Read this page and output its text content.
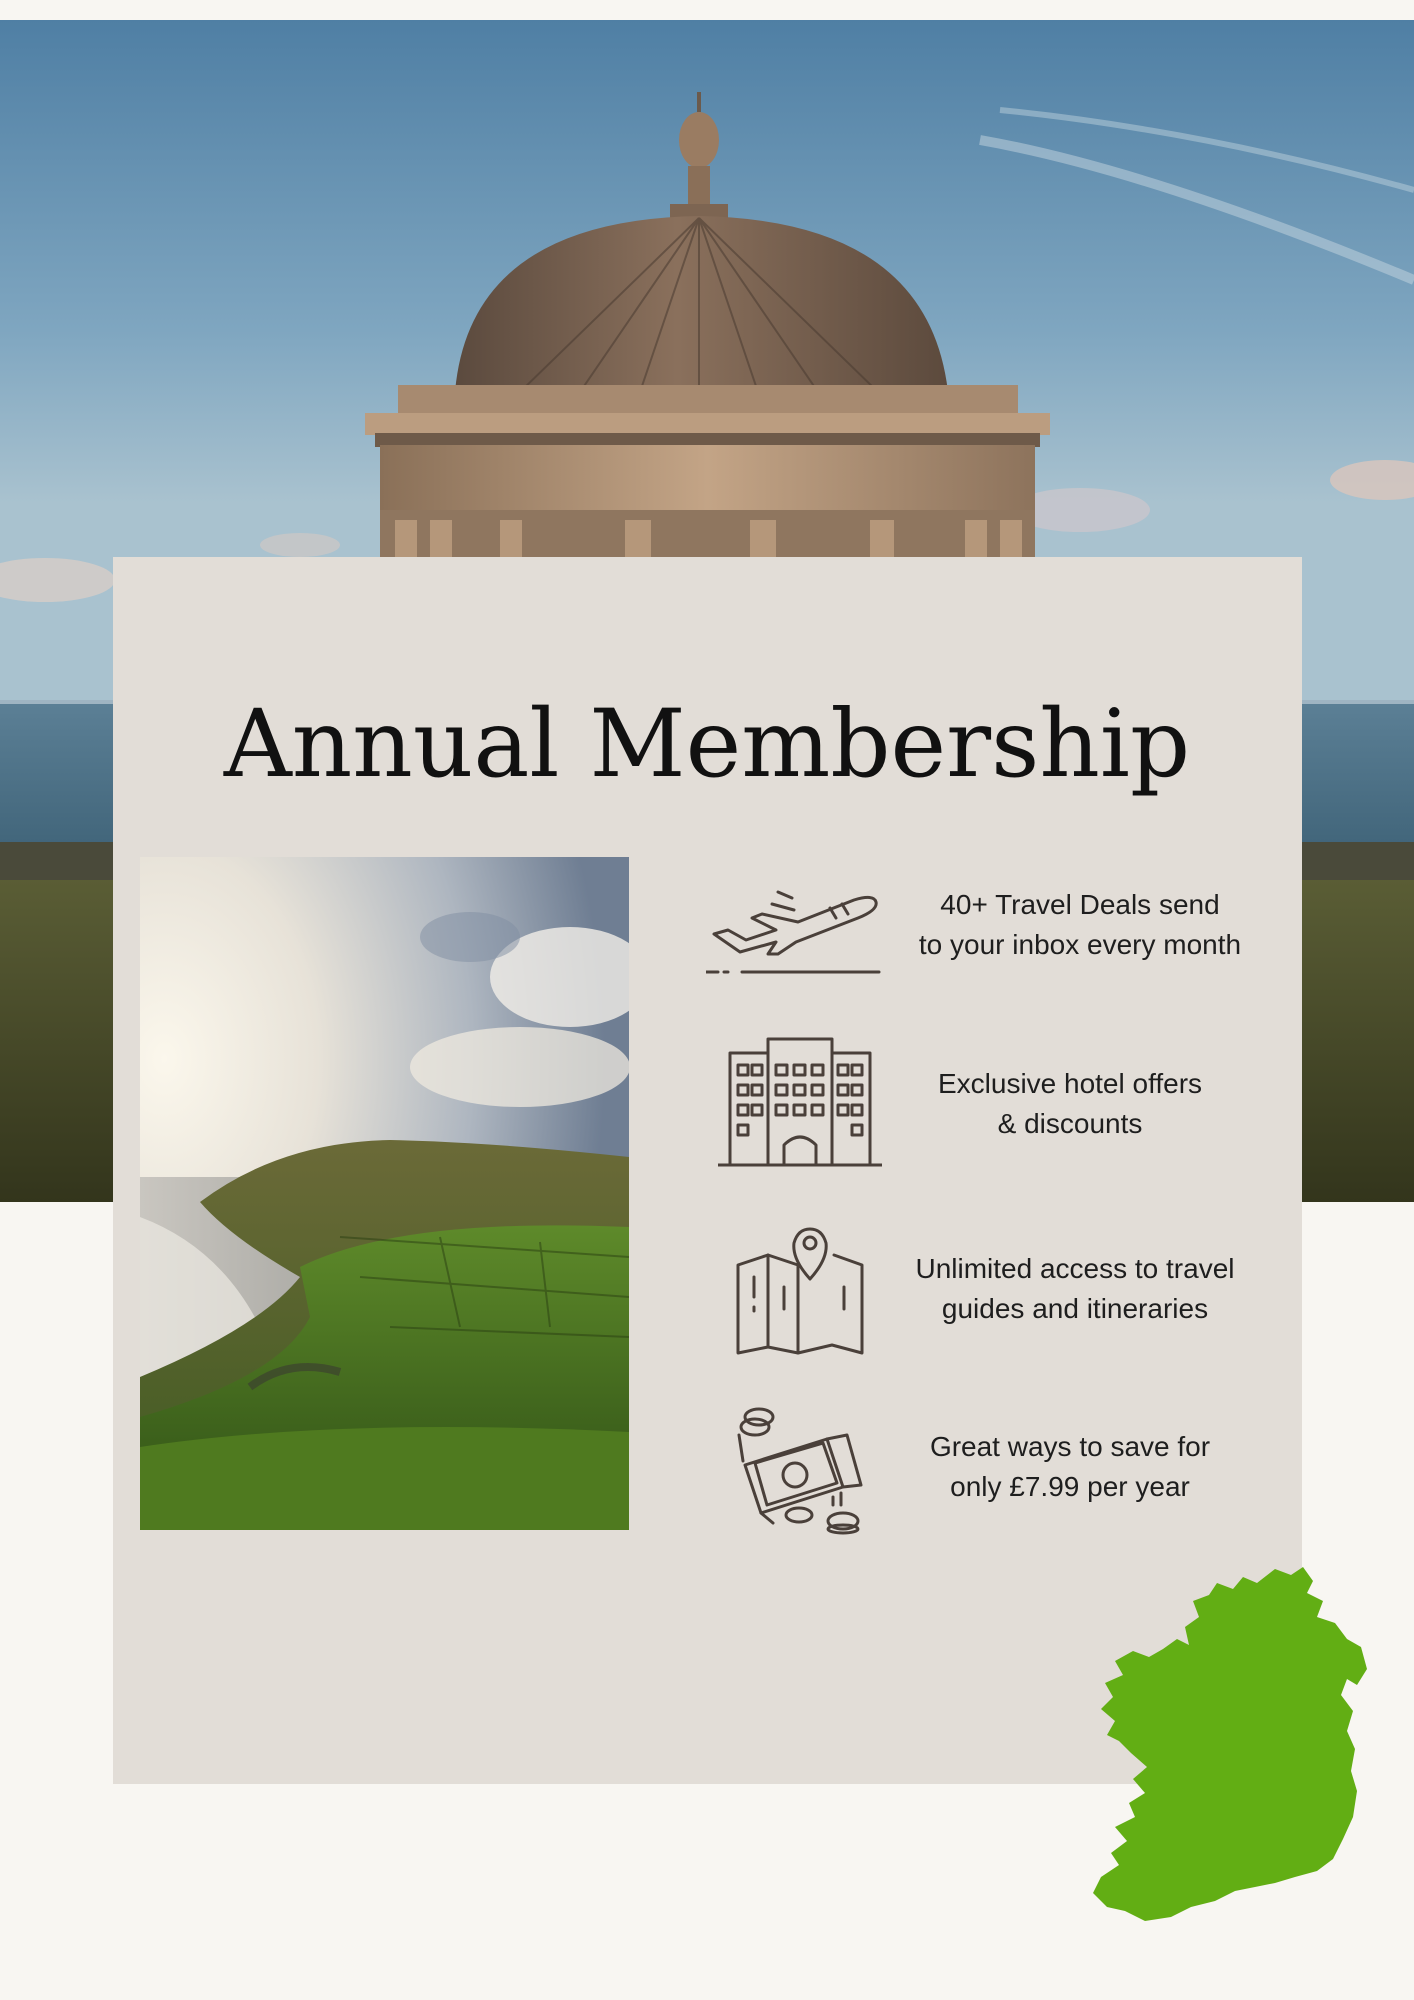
Annual Membership
40+ Travel Deals send
to your inbox every month
Exclusive hotel offers
& discounts
Unlimited access to travel
guides and itineraries
Great ways to save for
only £7.99 per year
